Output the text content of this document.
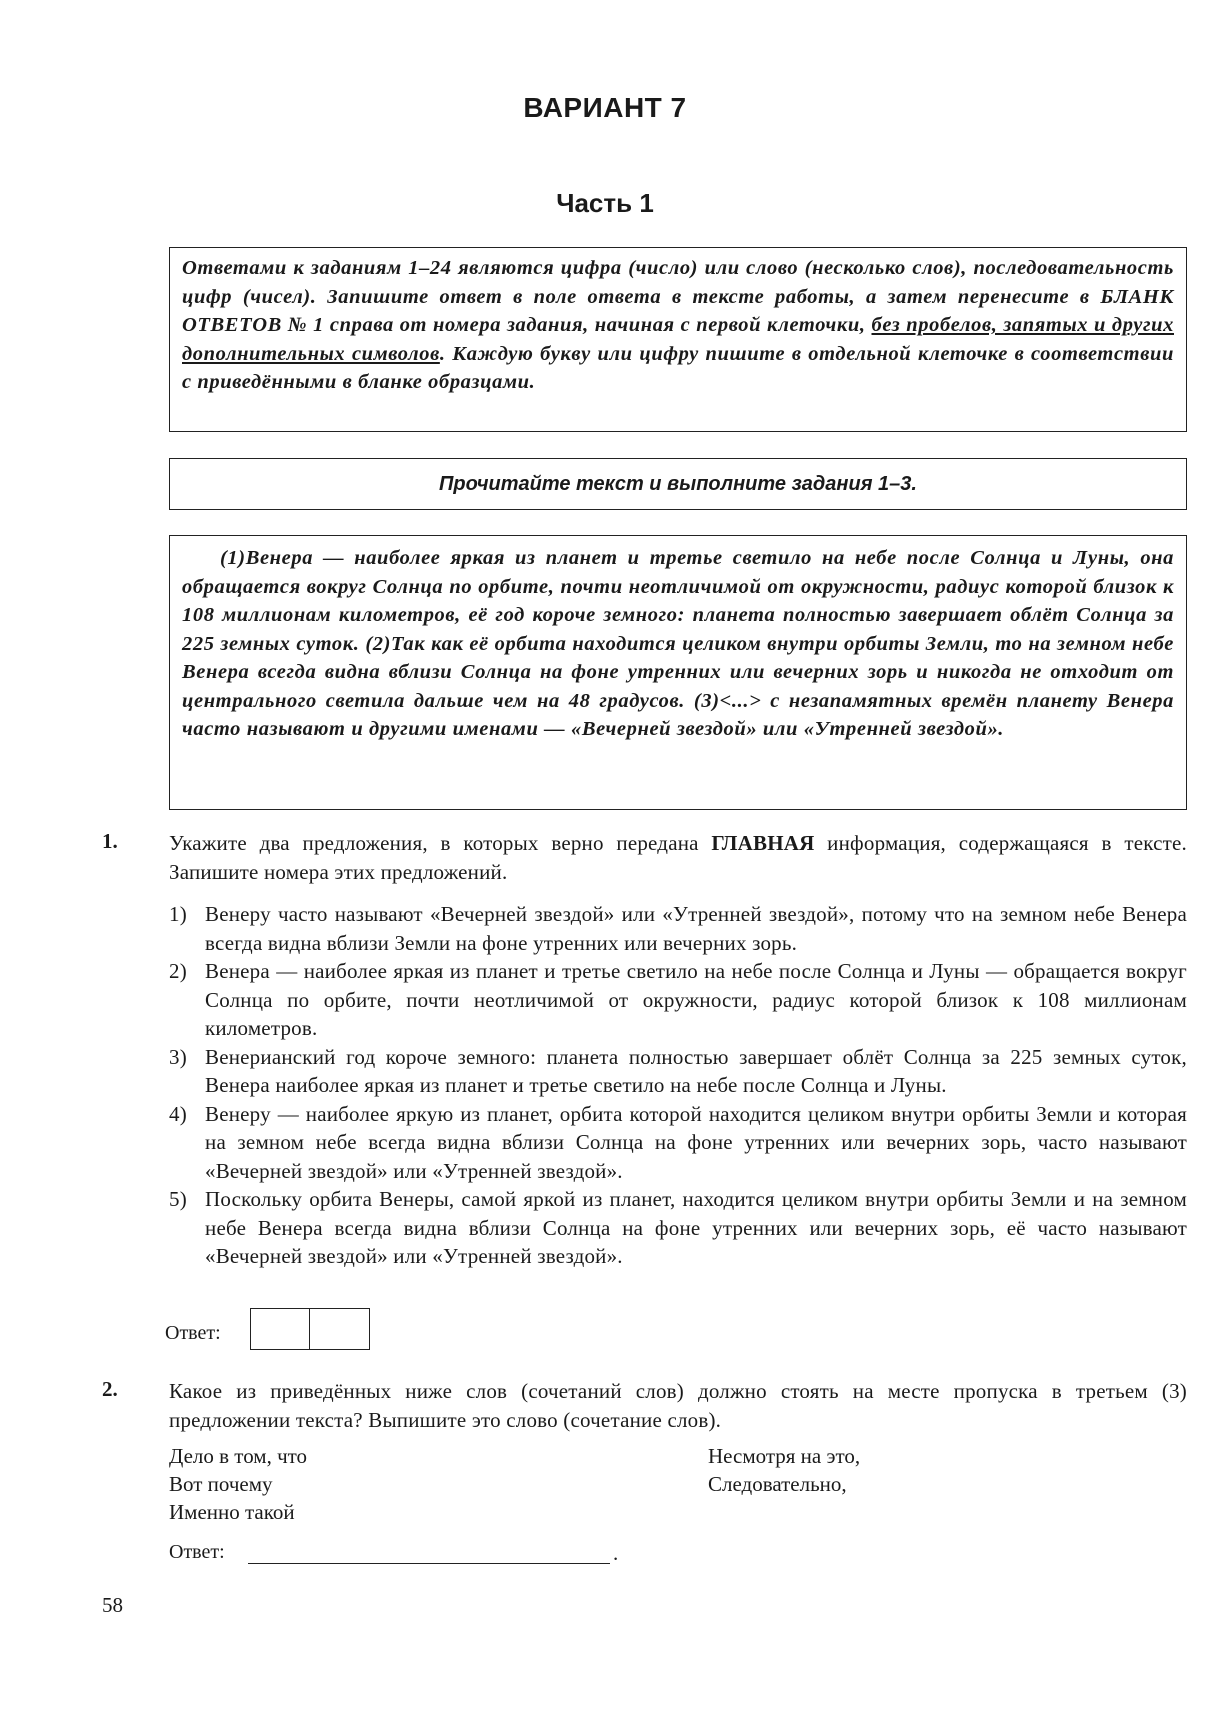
ВАРИАНТ 7
Часть 1
Ответами к заданиям 1–24 являются цифра (число) или слово (несколько слов), последовательность цифр (чисел). Запишите ответ в поле ответа в тексте работы, а затем перенесите в БЛАНК ОТВЕТОВ № 1 справа от номера задания, начиная с первой клеточки, без пробелов, запятых и других дополнительных символов. Каждую букву или цифру пишите в отдельной клеточке в соответствии с приведёнными в бланке образцами.
Прочитайте текст и выполните задания 1–3.

(1)Венера — наиболее яркая из планет и третье светило на небе после Солнца и Луны, она обращается вокруг Солнца по орбите, почти неотличимой от окружности, радиус которой близок к 108 миллионам километров, её год короче земного: планета полностью завершает облёт Солнца за 225 земных суток. (2)Так как её орбита находится целиком внутри орбиты Земли, то на земном небе Венера всегда видна вблизи Солнца на фоне утренних или вечерних зорь и никогда не отходит от центрального светила дальше чем на 48 градусов. (3)<...> с незапамятных времён планету Венера часто называют и другими именами — «Вечерней звездой» или «Утренней звездой».

1. Укажите два предложения, в которых верно передана ГЛАВНАЯ информация, содержащаяся в тексте. Запишите номера этих предложений.
1) Венеру часто называют «Вечерней звездой» или «Утренней звездой», потому что на земном небе Венера всегда видна вблизи Земли на фоне утренних или вечерних зорь.
2) Венера — наиболее яркая из планет и третье светило на небе после Солнца и Луны — обращается вокруг Солнца по орбите, почти неотличимой от окружности, радиус которой близок к 108 миллионам километров.
3) Венерианский год короче земного: планета полностью завершает облёт Солнца за 225 земных суток, Венера наиболее яркая из планет и третье светило на небе после Солнца и Луны.
4) Венеру — наиболее яркую из планет, орбита которой находится целиком внутри орбиты Земли и которая на земном небе всегда видна вблизи Солнца на фоне утренних или вечерних зорь, часто называют «Вечерней звездой» или «Утренней звездой».
5) Поскольку орбита Венеры, самой яркой из планет, находится целиком внутри орбиты Земли и на земном небе Венера всегда видна вблизи Солнца на фоне утренних или вечерних зорь, её часто называют «Вечерней звездой» или «Утренней звездой».
Ответ:
2. Какое из приведённых ниже слов (сочетаний слов) должно стоять на месте пропуска в третьем (3) предложении текста? Выпишите это слово (сочетание слов).
Дело в том, что
Вот почему
Именно такой
Несмотря на это,
Следовательно,
Ответ:	.
58
